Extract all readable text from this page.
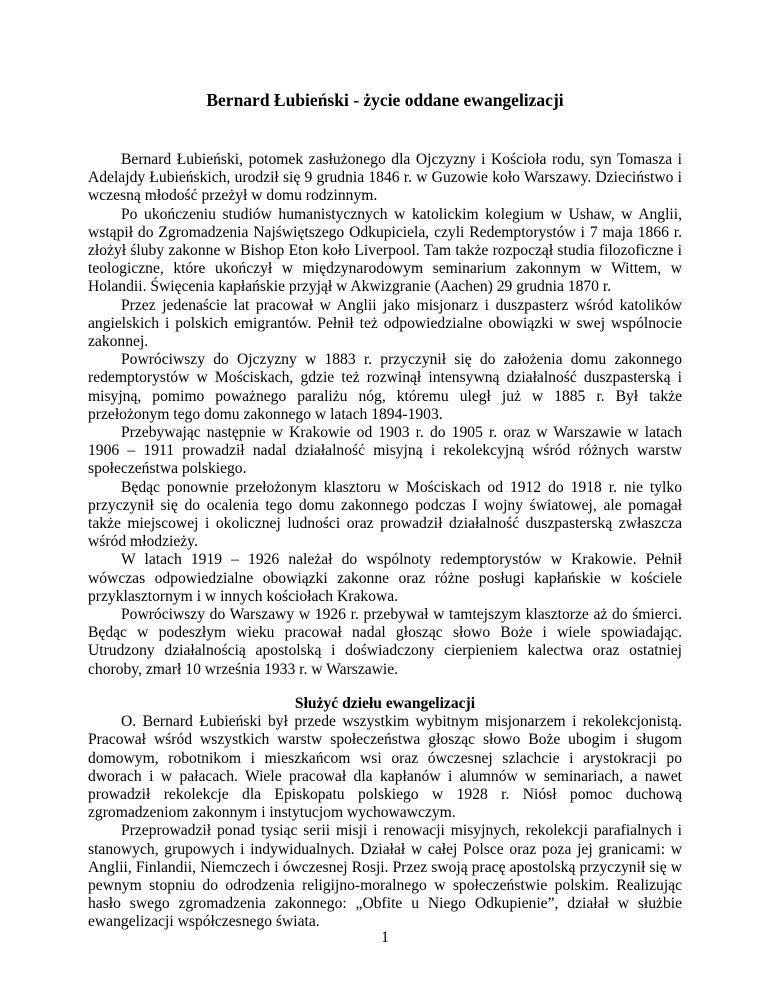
Bernard Łubieński - życie oddane ewangelizacji

Bernard Łubieński, potomek zasłużonego dla Ojczyzny i Kościoła rodu, syn Tomasza i Adelajdy Łubieńskich, urodził się 9 grudnia 1846 r. w Guzowie koło Warszawy. Dzieciństwo i wczesną młodość przeżył w domu rodzinnym.

Po ukończeniu studiów humanistycznych w katolickim kolegium w Ushaw, w Anglii, wstąpił do Zgromadzenia Najświętszego Odkupiciela, czyli Redemptorystów i 7 maja 1866 r. złożył śluby zakonne w Bishop Eton koło Liverpool. Tam także rozpoczął studia filozoficzne i teologiczne, które ukończył w międzynarodowym seminarium zakonnym w Wittem, w Holandii. Święcenia kapłańskie przyjął w Akwizgranie (Aachen) 29 grudnia 1870 r.

Przez jedenaście lat pracował w Anglii jako misjonarz i duszpasterz wśród katolików angielskich i polskich emigrantów. Pełnił też odpowiedzialne obowiązki w swej wspólnocie zakonnej.

Powróciwszy do Ojczyzny w 1883 r. przyczynił się do założenia domu zakonnego redemptorystów w Mościskach, gdzie też rozwinął intensywną działalność duszpasterską i misyjną, pomimo poważnego paraliżu nóg, któremu uległ już w 1885 r. Był także przełożonym tego domu zakonnego w latach 1894-1903.

Przebywając następnie w Krakowie od 1903 r. do 1905 r. oraz w Warszawie w latach 1906 – 1911 prowadził nadal działalność misyjną i rekolekcyjną wśród różnych warstw społeczeństwa polskiego.

Będąc ponownie przełożonym klasztoru w Mościskach od 1912 do 1918 r. nie tylko przyczynił się do ocalenia tego domu zakonnego podczas I wojny światowej, ale pomagał także miejscowej i okolicznej ludności oraz prowadził działalność duszpasterską zwłaszcza wśród młodzieży.

W latach 1919 – 1926 należał do wspólnoty redemptorystów w Krakowie. Pełnił wówczas odpowiedzialne obowiązki zakonne oraz różne posługi kapłańskie w kościele przyklasztornym i w innych kościołach Krakowa.

Powróciwszy do Warszawy w 1926 r. przebywał w tamtejszym klasztorze aż do śmierci. Będąc w podeszłym wieku pracował nadal głosząc słowo Boże i wiele spowiadając. Utrudzony działalnością apostolską i doświadczony cierpieniem kalectwa oraz ostatniej choroby, zmarł 10 września 1933 r. w Warszawie.

Służyć dziełu ewangelizacji

O. Bernard Łubieński był przede wszystkim wybitnym misjonarzem i rekolekcjonistą. Pracował wśród wszystkich warstw społeczeństwa głosząc słowo Boże ubogim i sługom domowym, robotnikom i mieszkańcom wsi oraz ówczesnej szlachcie i arystokracji po dworach i w pałacach. Wiele pracował dla kapłanów i alumnów w seminariach, a nawet prowadził rekolekcje dla Episkopatu polskiego w 1928 r. Niósł pomoc duchową zgromadzeniom zakonnym i instytucjom wychowawczym.

Przeprowadził ponad tysiąc serii misji i renowacji misyjnych, rekolekcji parafialnych i stanowych, grupowych i indywidualnych. Działał w całej Polsce oraz poza jej granicami: w Anglii, Finlandii, Niemczech i ówczesnej Rosji. Przez swoją pracę apostolską przyczynił się w pewnym stopniu do odrodzenia religijno-moralnego w społeczeństwie polskim. Realizując hasło swego zgromadzenia zakonnego: „Obfite u Niego Odkupienie”, działał w służbie ewangelizacji współczesnego świata.

1
